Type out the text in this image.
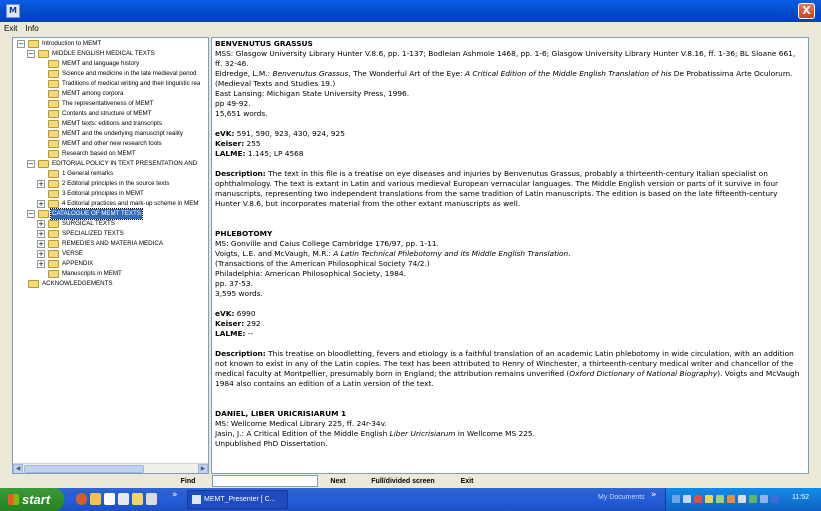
M	X
Exit Info
ACKNOWLEDGEMENTS
Manuscripts in MEMT
+	APPENDIX
+	VERSE
+	REMEDIES AND MATERIA MEDICA
+	SPECIALIZED TEXTS
+	SURGICAL TEXTS
−	CATALOGUE OF MEMT TEXTS
+	4 Editorial practices and mark-up scheme in MEM
3 Editorial principles in MEMT
+	2 Editorial principles in the source texts
1 General remarks
−	EDITORIAL POLICY IN TEXT PRESENTATION AND
Research based on MEMT
MEMT and other new research tools
MEMT and the underlying manuscript reality
MEMT texts: editions and transcripts
Contents and structure of MEMT
The representativeness of MEMT
MEMT among corpora
Traditions of medical writing and their linguistic rea
Science and medicine in the late medieval period
MEMT and language history
−	MIDDLE ENGLISH MEDICAL TEXTS
−	Introduction to MEMT
◀	▶

BENVENUTUS GRASSUS

MSS: Glasgow University Library Hunter V.8.6, pp. 1-137; Bodleian Ashmole 1468, pp. 1-6; Glasgow University Library Hunter V.8.16, ff. 1-36; BL Sloane 661, ff. 32-46.

Eldredge, L.M.: Benvenutus Grassus, The Wonderful Art of the Eye: A Critical Edition of the Middle English Translation of his De Probatissima Arte Oculorum.

(Medieval Texts and Studies 19.)

East Lansing: Michigan State University Press, 1996.

pp 49-92.

15,651 words.

eVK: 591, 590, 923, 430, 924, 925

Keiser: 255

LALME: 1.145; LP 4568

Description: The text in this file is a treatise on eye diseases and injuries by Benvenutus Grassus, probably a thirteenth-century Italian specialist on ophthalmology. The text is extant in Latin and various medieval European vernacular languages. The Middle English version or parts of it survive in four manuscripts, representing two independent translations from the same tradition of Latin manuscripts. The edition is based on the late fifteenth-century Hunter V.8.6, but incorporates material from the other extant manuscripts as well.

PHLEBOTOMY

MS: Gonville and Caius College Cambridge 176/97, pp. 1-11.

Voigts, L.E. and McVaugh, M.R.: A Latin Technical Phlebotomy and its Middle English Translation.

(Transactions of the American Philosophical Society 74/2.)

Philadelphia: American Philosophical Society, 1984.

pp. 37-53.

3,595 words.

eVK: 6990

Keiser: 292

LALME: --

Description: This treatise on bloodletting, fevers and etiology is a faithful translation of an academic Latin phlebotomy in wide circulation, with an addition not known to exist in any of the Latin copies. The text has been attributed to Henry of Winchester, a thirteenth-century medical writer and chancellor of the medical faculty at Montpellier, presumably born in England; the attribution remains unverified (Oxford Dictionary of National Biography). Voigts and McVaugh 1984 also contains an edition of a Latin version of the text.

DANIEL, LIBER URICRISIARUM 1

MS: Wellcome Medical Library 225, ff. 24r-34v.

Jasin, J.: A Critical Edition of the Middle English Liber Uricrisiarum in Wellcome MS 225.

Unpublished PhD Dissertation.

Find	Next	Full/divided screen	Exit
start	»	MEMT_Presenter [ C...	My Documents »	11:52
